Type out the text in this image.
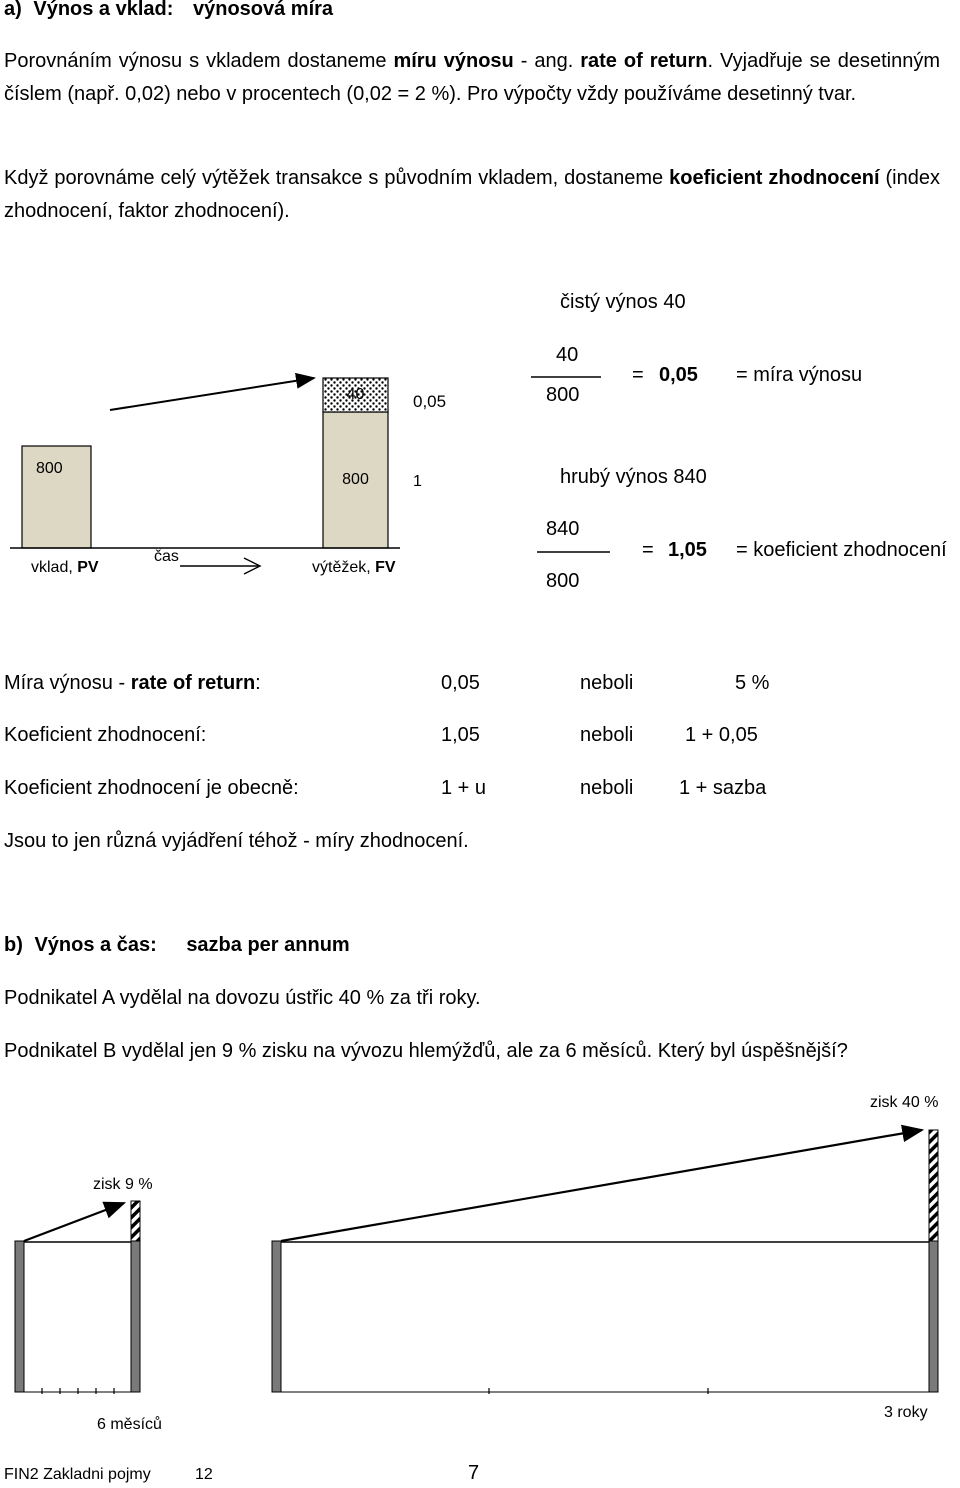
a) Výnos a vklad: výnosová míra
Porovnáním výnosu s vkladem dostaneme míru výnosu - ang. rate of return. Vyjadřuje se desetinným číslem (např. 0,02) nebo v procentech (0,02 = 2 %). Pro výpočty vždy používáme desetinný tvar.
Když porovnáme celý výtěžek transakce s původním vkladem, dostaneme koeficient zhodnocení (index zhodnocení, faktor zhodnocení).
čistý výnos 40
40	0,05
40
800
= 0,05 = míra výnosu
800
800	1	hrubý výnos 840
vklad, PV
čas
výtěžek, FV
840
800
= 1,05 = koeficient zhodnocení
Míra výnosu - rate of return:	0,05	neboli	5 %
Koeficient zhodnocení:	1,05	neboli	1 + 0,05
Koeficient zhodnocení je obecně:	1 + u	neboli 1 + sazba
Jsou to jen různá vyjádření téhož - míry zhodnocení.
b) Výnos a čas: sazba per annum
Podnikatel A vydělal na dovozu ústřic 40 % za tři roky.
Podnikatel B vydělal jen 9 % zisku na vývozu hlemýžďů, ale za 6 měsíců. Který byl úspěšnější?
zisk 40 %
zisk 9 %
6 měsíců
3 roky
FIN2 Zakladni pojmy	12	7
